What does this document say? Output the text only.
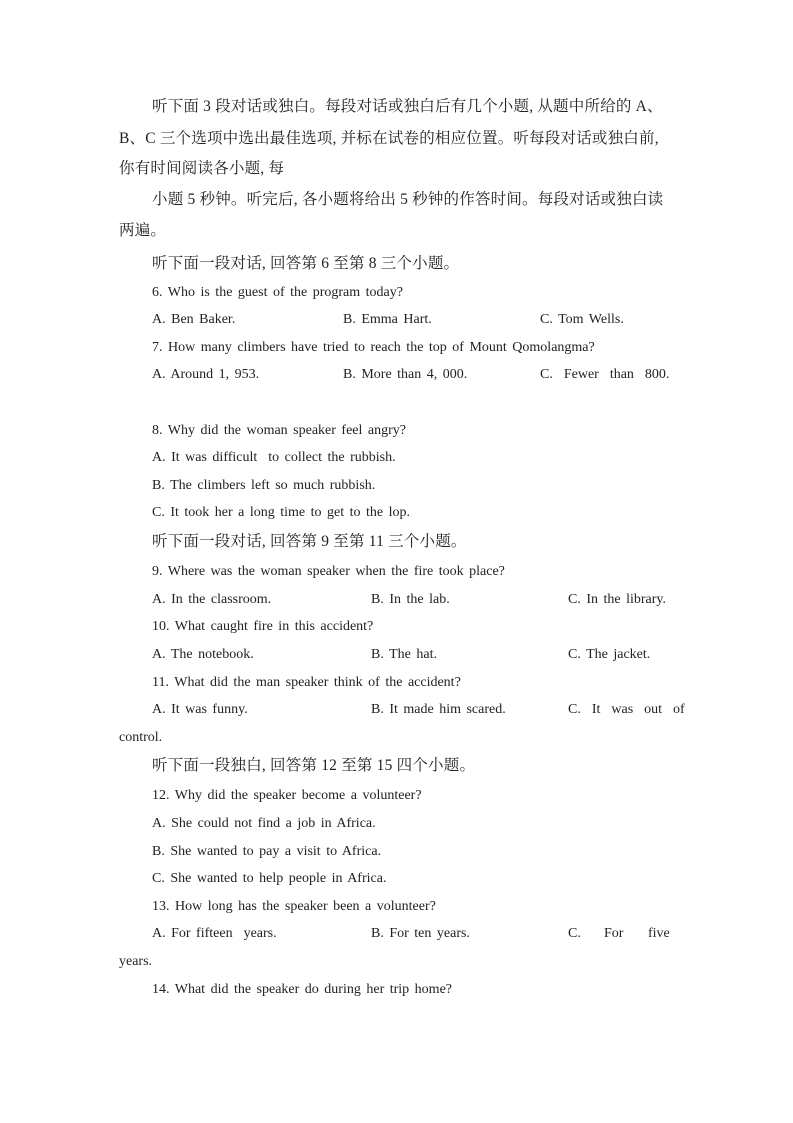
听下面 3 段对话或独白。每段对话或独白后有几个小题, 从题中所给的 A、
B、C 三个选项中选出最佳选项, 并标在试卷的相应位置。听每段对话或独白前,
你有时间阅读各小题, 每
小题 5 秒钟。听完后, 各小题将给出 5 秒钟的作答时间。每段对话或独白读
两遍。
听下面一段对话, 回答第 6 至第 8 三个小题。
6. Who is the guest of the program today?
A. Ben Baker.	B. Emma Hart.	C. Tom Wells.
7. How many climbers have tried to reach the top of Mount Qomolangma?
A. Around 1, 953.	B. More than 4, 000.	C.  Fewer  than  800.
8. Why did the woman speaker feel angry?
A. It was difficult  to collect the rubbish.
B. The climbers left so much rubbish.
C. It took her a long time to get to the lop.
听下面一段对话, 回答第 9 至第 11 三个小题。
9. Where was the woman speaker when the fire took place?
A. In the classroom.	B. In the lab.	C. In the library.
10. What caught fire in this accident?
A. The notebook.	B. The hat.	C. The jacket.
11. What did the man speaker think of the accident?
A. It was funny.	B. It made him scared.	C.  It  was  out  of
control.
听下面一段独白, 回答第 12 至第 15 四个小题。
12. Why did the speaker become a volunteer?
A. She could not find a job in Africa.
B. She wanted to pay a visit to Africa.
C. She wanted to help people in Africa.
13. How long has the speaker been a volunteer?
A. For fifteen  years.	B. For ten years.	C. For five
years.
14. What did the speaker do during her trip home?
